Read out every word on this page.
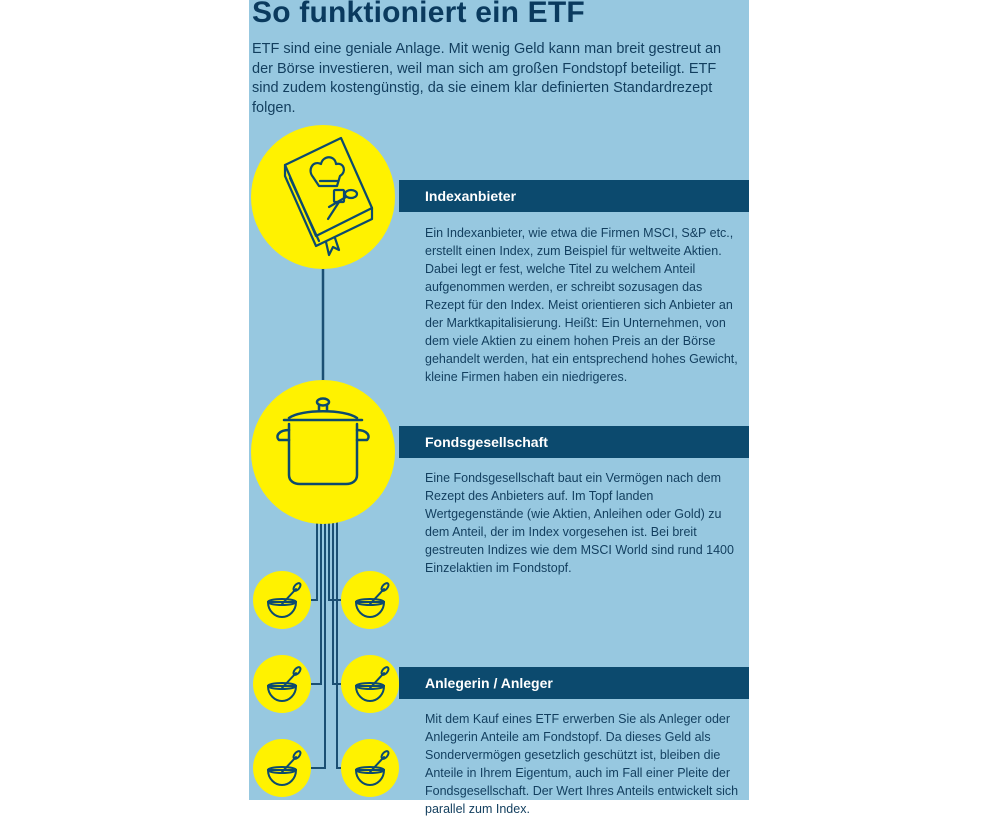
So funktioniert ein ETF

ETF sind eine geniale Anlage. Mit wenig Geld kann man breit gestreut an der Börse investieren, weil man sich am großen Fondstopf beteiligt. ETF sind zudem kostengünstig, da sie einem klar definierten Standardrezept folgen.

Indexanbieter

Ein Indexanbieter, wie etwa die Firmen MSCI, S&P etc., erstellt einen Index, zum Beispiel für weltweite Aktien. Dabei legt er fest, welche Titel zu welchem Anteil aufgenommen werden, er schreibt sozusagen das Rezept für den Index. Meist orientieren sich Anbieter an der Marktkapitalisierung. Heißt: Ein Unternehmen, von dem viele Aktien zu einem hohen Preis an der Börse gehandelt werden, hat ein entsprechend hohes Gewicht, kleine Firmen haben ein niedrigeres.

Fondsgesellschaft

Eine Fondsgesellschaft baut ein Vermögen nach dem Rezept des Anbieters auf. Im Topf landen Wertgegenstände (wie Aktien, Anleihen oder Gold) zu dem Anteil, der im Index vorgesehen ist. Bei breit gestreuten Indizes wie dem MSCI World sind rund 1400 Einzelaktien im Fondstopf.

Anlegerin / Anleger

Mit dem Kauf eines ETF erwerben Sie als Anleger oder Anlegerin Anteile am Fondstopf. Da dieses Geld als Sondervermögen gesetzlich geschützt ist, bleiben die Anteile in Ihrem Eigentum, auch im Fall einer Pleite der Fondsgesellschaft. Der Wert Ihres Anteils entwickelt sich parallel zum Index.
